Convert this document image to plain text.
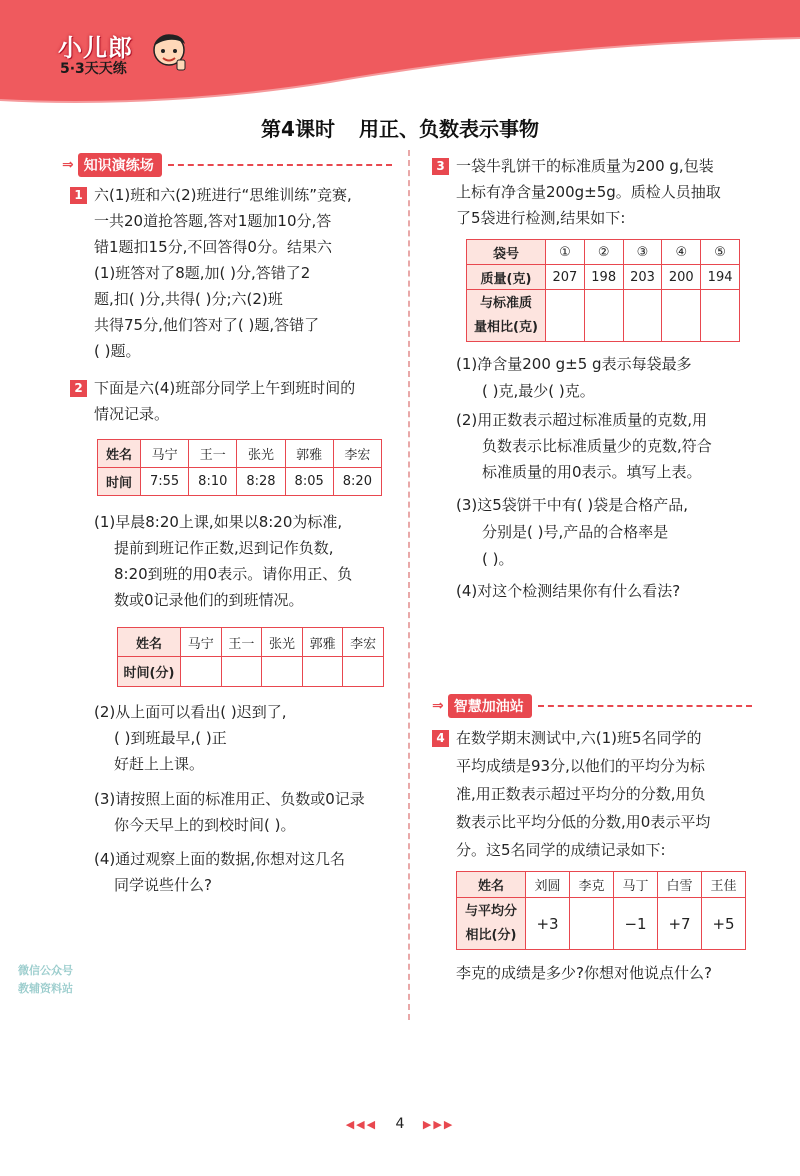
小儿郎
5·3天天练
第4课时 用正、负数表示事物
⇒ 知识演练场
1 六(1)班和六(2)班进行“思维训练”竞赛,
一共20道抢答题,答对1题加10分,答
错1题扣15分,不回答得0分。结果六
(1)班答对了8题,加( )分,答错了2
题,扣( )分,共得( )分;六(2)班
共得75分,他们答对了( )题,答错了
( )题。
2 下面是六(4)班部分同学上午到班时间的
情况记录。
姓名	马宁	王一	张光	郭雅	李宏
时间	7:55	8:10	8:28	8:05	8:20
(1)早晨8:20上课,如果以8:20为标准,
提前到班记作正数,迟到记作负数,
8:20到班的用0表示。请你用正、负
数或0记录他们的到班情况。
姓名	马宁	王一	张光	郭雅	李宏
时间(分)					
(2)从上面可以看出( )迟到了,
( )到班最早,( )正
好赶上上课。
(3)请按照上面的标准用正、负数或0记录
你今天早上的到校时间( )。
(4)通过观察上面的数据,你想对这几名
同学说些什么?
微信公众号
教辅资料站
3 一袋牛乳饼干的标准质量为200 g,包装
上标有净含量200g±5g。质检人员抽取
了5袋进行检测,结果如下:
袋号	①	②	③	④	⑤
质量(克)	207	198	203	200	194

与标准质
量相比(克)					

(1)净含量200 g±5 g表示每袋最多
( )克,最少( )克。
(2)用正数表示超过标准质量的克数,用
负数表示比标准质量少的克数,符合
标准质量的用0表示。填写上表。
(3)这5袋饼干中有( )袋是合格产品,
分别是( )号,产品的合格率是
( )。
(4)对这个检测结果你有什么看法?
⇒ 智慧加油站
4 在数学期末测试中,六(1)班5名同学的
平均成绩是93分,以他们的平均分为标
准,用正数表示超过平均分的分数,用负
数表示比平均分低的分数,用0表示平均
分。这5名同学的成绩记录如下:
姓名	刘圆	李克	马丁	白雪	王佳

与平均分
相比(分)	+3		−1	+7	+5
李克的成绩是多少?你想对他说点什么?
◀◀◀ 4 ▶▶▶
